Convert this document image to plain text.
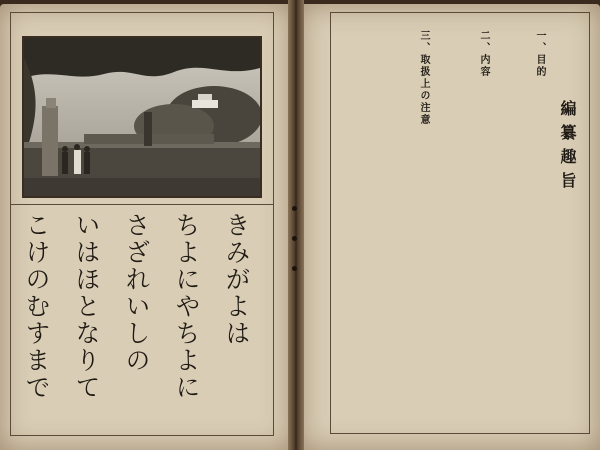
きみがよは
ちよにやちよに
さざれいしの
いはほとなりて
こけのむすまで
編纂趣旨
一、目的
二、内容
三、取扱上の注意
